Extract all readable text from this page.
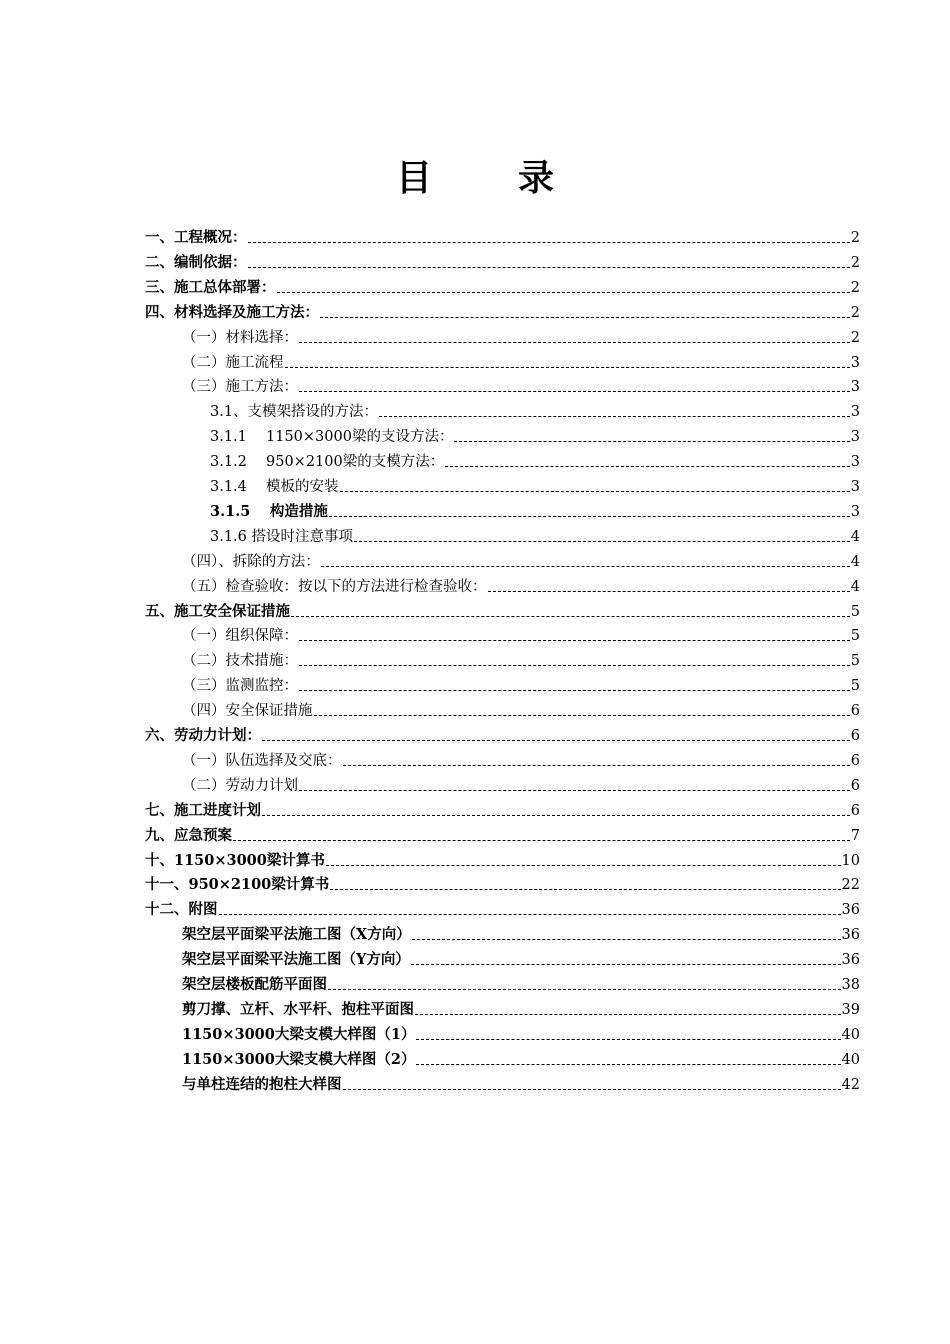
目 录
一、工程概况：	2
二、编制依据：	2
三、施工总体部署：	2
四、材料选择及施工方法：	2
（一）材料选择：	2
（二）施工流程	3
（三）施工方法：	3
3.1、支模架搭设的方法：	3
3.1.1　 1150×3000梁的支设方法：	3
3.1.2　 950×2100梁的支模方法：	3
3.1.4　 模板的安装	3
3.1.5　 构造措施	3
3.1.6 搭设时注意事项	4
（四）、拆除的方法：	4
（五）检查验收：按以下的方法进行检查验收：	4
五、施工安全保证措施	5
（一）组织保障：	5
（二）技术措施：	5
（三）监测监控：	5
（四）安全保证措施	6
六、劳动力计划：	6
（一）队伍选择及交底：	6
（二）劳动力计划	6
七、施工进度计划	6
九、应急预案	7
十、1150×3000梁计算书	10
十一、950×2100梁计算书	22
十二、附图	36
架空层平面梁平法施工图（X方向）	36
架空层平面梁平法施工图（Y方向）	36
架空层楼板配筋平面图	38
剪刀撑、立杆、水平杆、抱柱平面图	39
1150×3000大梁支模大样图（1）	40
1150×3000大梁支模大样图（2）	40
与单柱连结的抱柱大样图	42
